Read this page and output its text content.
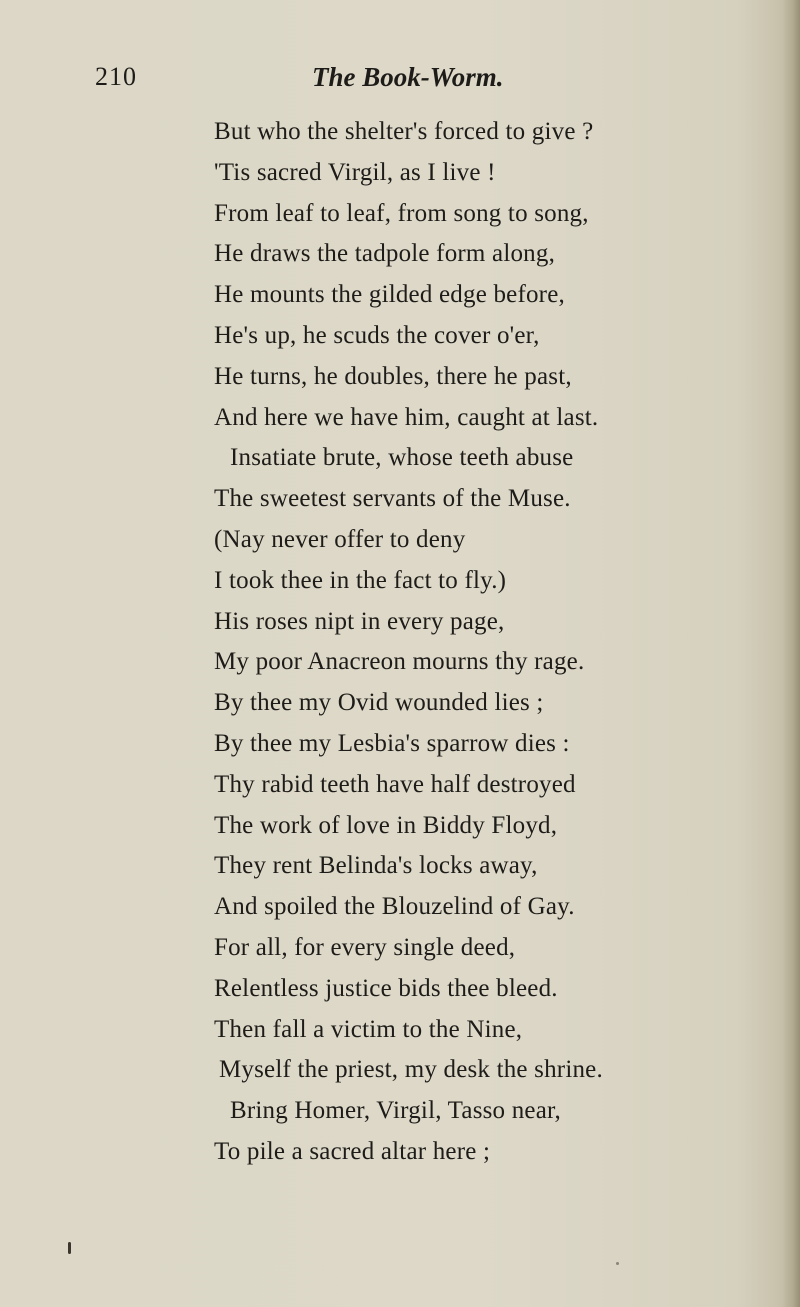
210	The Book-Worm.
But who the shelter's forced to give ?
'Tis sacred Virgil, as I live !
From leaf to leaf, from song to song,
He draws the tadpole form along,
He mounts the gilded edge before,
He's up, he scuds the cover o'er,
He turns, he doubles, there he past,
And here we have him, caught at last.
Insatiate brute, whose teeth abuse
The sweetest servants of the Muse.
(Nay never offer to deny
I took thee in the fact to fly.)
His roses nipt in every page,
My poor Anacreon mourns thy rage.
By thee my Ovid wounded lies ;
By thee my Lesbia's sparrow dies :
Thy rabid teeth have half destroyed
The work of love in Biddy Floyd,
They rent Belinda's locks away,
And spoiled the Blouzelind of Gay.
For all, for every single deed,
Relentless justice bids thee bleed.
Then fall a victim to the Nine,
Myself the priest, my desk the shrine.
Bring Homer, Virgil, Tasso near,
To pile a sacred altar here ;
